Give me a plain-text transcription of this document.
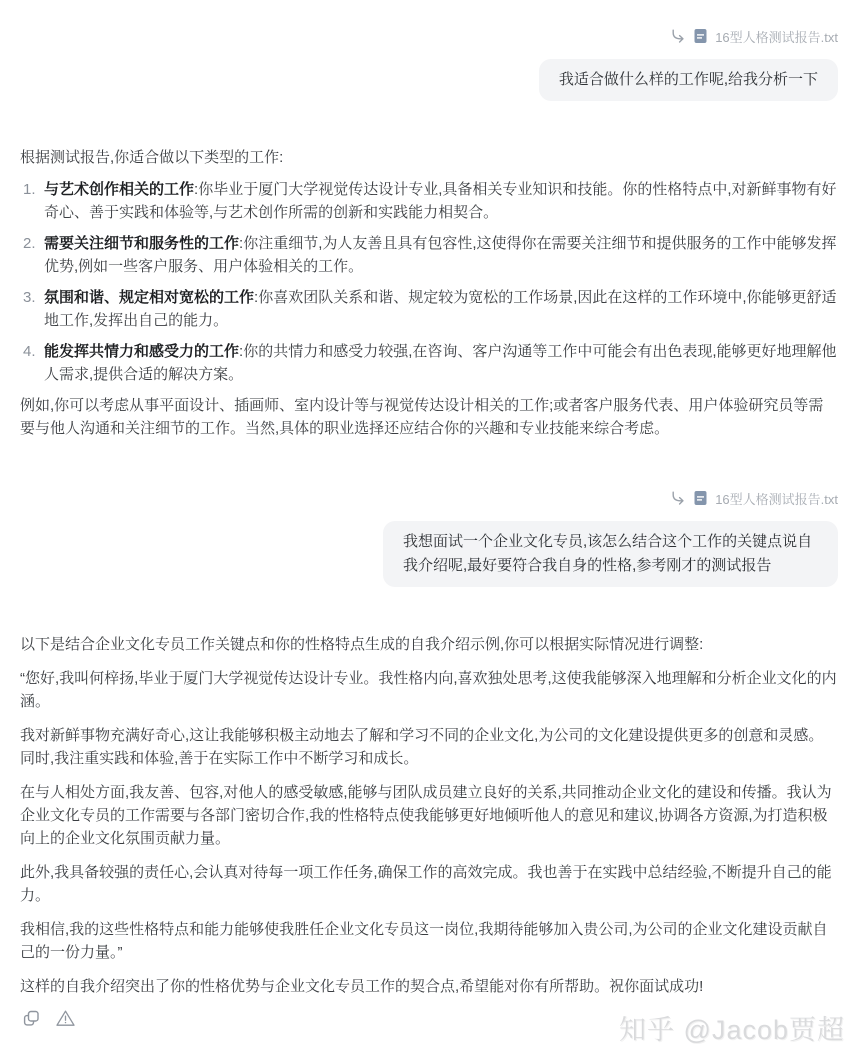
16型人格测试报告.txt
我适合做什么样的工作呢,给我分析一下

根据测试报告,你适合做以下类型的工作:

1. 与艺术创作相关的工作:你毕业于厦门大学视觉传达设计专业,具备相关专业知识和技能。你的性格特点中,对新鲜事物有好奇心、善于实践和体验等,与艺术创作所需的创新和实践能力相契合。
2. 需要关注细节和服务性的工作:你注重细节,为人友善且具有包容性,这使得你在需要关注细节和提供服务的工作中能够发挥优势,例如一些客户服务、用户体验相关的工作。
3. 氛围和谐、规定相对宽松的工作:你喜欢团队关系和谐、规定较为宽松的工作场景,因此在这样的工作环境中,你能够更舒适地工作,发挥出自己的能力。
4. 能发挥共情力和感受力的工作:你的共情力和感受力较强,在咨询、客户沟通等工作中可能会有出色表现,能够更好地理解他人需求,提供合适的解决方案。

例如,你可以考虑从事平面设计、插画师、室内设计等与视觉传达设计相关的工作;或者客户服务代表、用户体验研究员等需要与他人沟通和关注细节的工作。当然,具体的职业选择还应结合你的兴趣和专业技能来综合考虑。

16型人格测试报告.txt
我想面试一个企业文化专员,该怎么结合这个工作的关键点说自我介绍呢,最好要符合我自身的性格,参考刚才的测试报告

以下是结合企业文化专员工作关键点和你的性格特点生成的自我介绍示例,你可以根据实际情况进行调整:

“您好,我叫何梓扬,毕业于厦门大学视觉传达设计专业。我性格内向,喜欢独处思考,这使我能够深入地理解和分析企业文化的内涵。

我对新鲜事物充满好奇心,这让我能够积极主动地去了解和学习不同的企业文化,为公司的文化建设提供更多的创意和灵感。同时,我注重实践和体验,善于在实际工作中不断学习和成长。

在与人相处方面,我友善、包容,对他人的感受敏感,能够与团队成员建立良好的关系,共同推动企业文化的建设和传播。我认为企业文化专员的工作需要与各部门密切合作,我的性格特点使我能够更好地倾听他人的意见和建议,协调各方资源,为打造积极向上的企业文化氛围贡献力量。

此外,我具备较强的责任心,会认真对待每一项工作任务,确保工作的高效完成。我也善于在实践中总结经验,不断提升自己的能力。

我相信,我的这些性格特点和能力能够使我胜任企业文化专员这一岗位,我期待能够加入贵公司,为公司的企业文化建设贡献自己的一份力量。”

这样的自我介绍突出了你的性格优势与企业文化专员工作的契合点,希望能对你有所帮助。祝你面试成功!

知乎 @Jacob贾超
